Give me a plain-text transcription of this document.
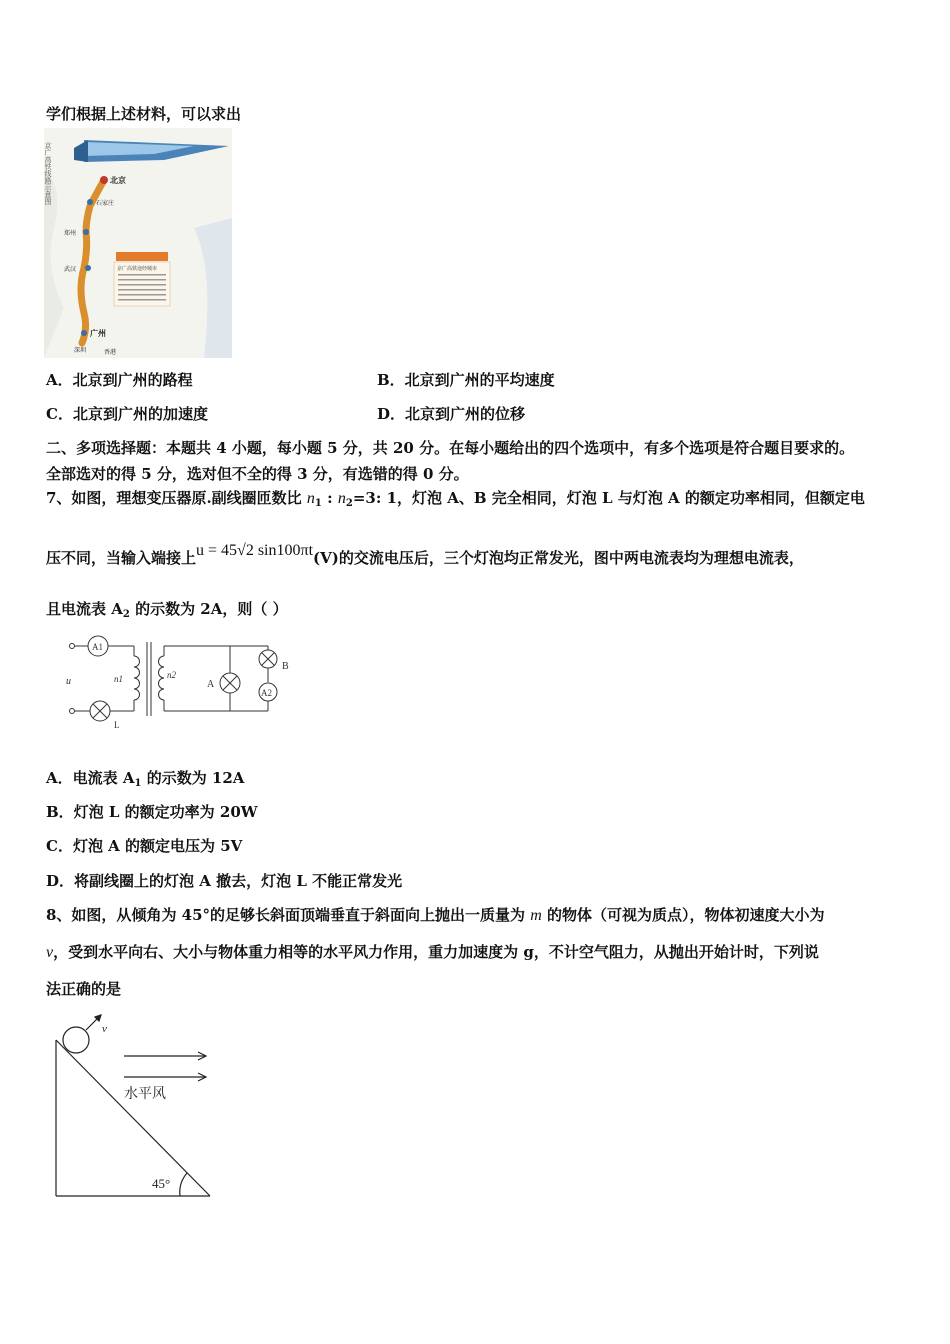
学们根据上述材料，可以求出
京广高铁线路示意图	北京
石家庄
郑州
武汉
广州
深圳	香港
京广高铁途经城市
A．北京到广州的路程	B．北京到广州的平均速度
C．北京到广州的加速度	D．北京到广州的位移
二、多项选择题：本题共 4 小题，每小题 5 分，共 20 分。在每小题给出的四个选项中，有多个选项是符合题目要求的。
全部选对的得 5 分，选对但不全的得 3 分，有选错的得 0 分。
7、如图，理想变压器原.副线圈匝数比 $n_1$ : $n_2=3$: 1，灯泡 A、B 完全相同，灯泡 L 与灯泡 A 的额定功率相同，但额定电
压不同，当输入端接上u = 45√2 sin100πt(V)的交流电压后，三个灯泡均正常发光，图中两电流表均为理想电流表，
且电流表 $A_2$ 的示数为 2A，则（ ）
u
A1
L
n1	n2
A
B
A2
A．电流表 $A_1$ 的示数为 12A
B．灯泡 L 的额定功率为 20W
C．灯泡 A 的额定电压为 5V
D．将副线圈上的灯泡 A 撤去，灯泡 L 不能正常发光
8、如图，从倾角为 45°的足够长斜面顶端垂直于斜面向上抛出一质量为 m 的物体（可视为质点），物体初速度大小为
v，受到水平向右、大小与物体重力相等的水平风力作用，重力加速度为 g，不计空气阻力，从抛出开始计时，下列说
法正确的是
v
水平风
45°
